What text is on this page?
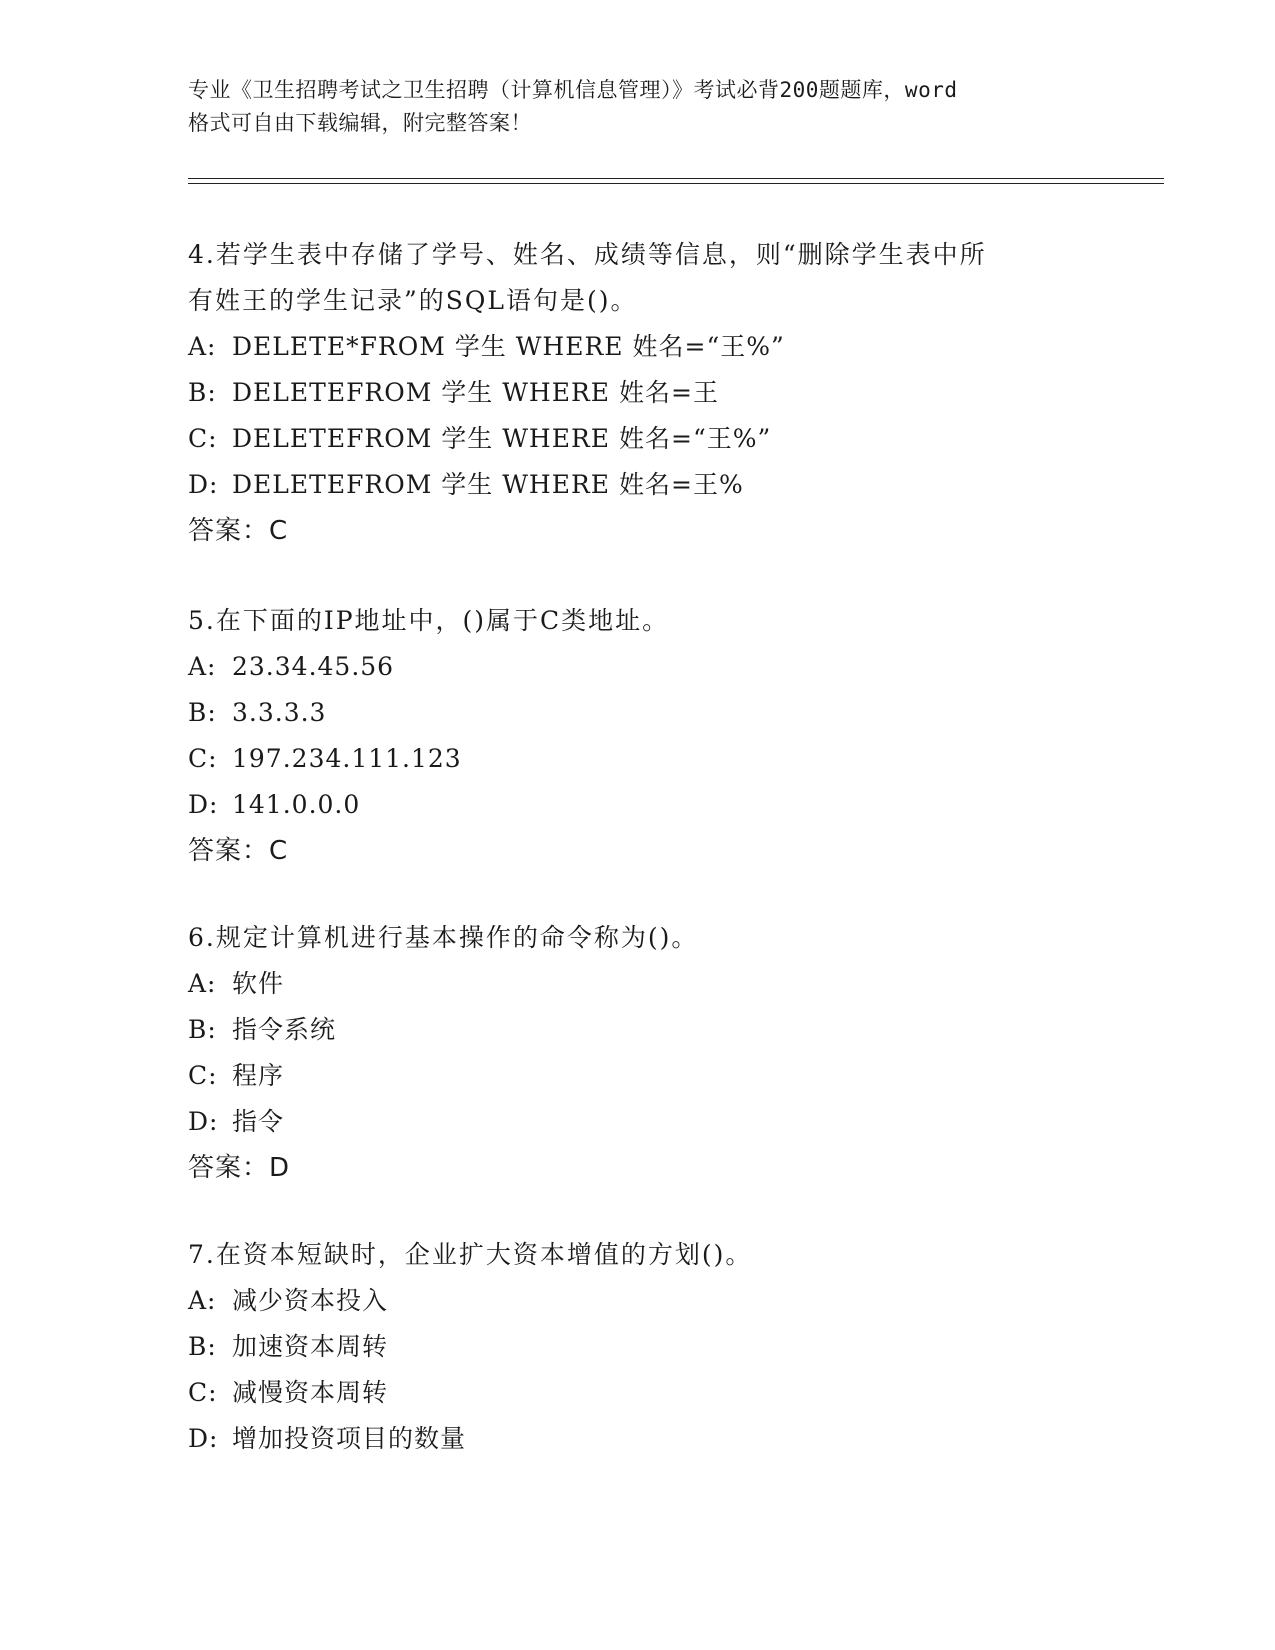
专业《卫生招聘考试之卫生招聘（计算机信息管理）》考试必背200题题库，word
格式可自由下载编辑，附完整答案！
4.若学生表中存储了学号、姓名、成绩等信息，则“删除学生表中所
有姓王的学生记录”的SQL语句是()。
A: DELETE*FROM 学生 WHERE 姓名=“王%”
B: DELETEFROM 学生 WHERE 姓名=王
C: DELETEFROM 学生 WHERE 姓名=“王%”
D: DELETEFROM 学生 WHERE 姓名=王%
答案：C
5.在下面的IP地址中，()属于C类地址。
A: 23.34.45.56
B: 3.3.3.3
C: 197.234.111.123
D: 141.0.0.0
答案：C
6.规定计算机进行基本操作的命令称为()。
A: 软件
B: 指令系统
C: 程序
D: 指令
答案：D
7.在资本短缺时，企业扩大资本增值的方划()。
A: 减少资本投入
B: 加速资本周转
C: 减慢资本周转
D: 增加投资项目的数量
